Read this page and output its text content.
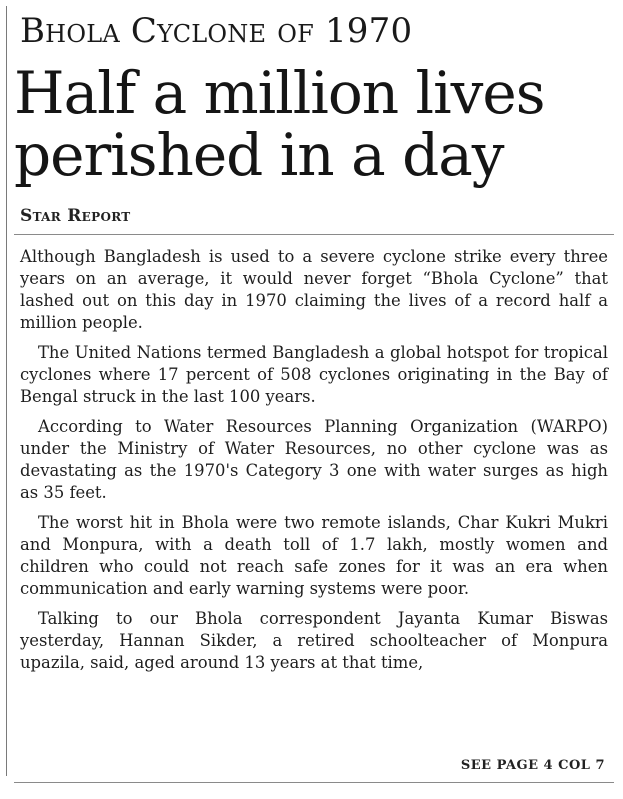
Bhola Cyclone of 1970
Half a million lives
perished in a day
Star Report

Although Bangladesh is used to a severe cyclone strike every three years on an average, it would never forget “Bhola Cyclone” that lashed out on this day in 1970 claiming the lives of a record half a million people.

The United Nations termed Bangladesh a global hotspot for tropical cyclones where 17 percent of 508 cyclones originating in the Bay of Bengal struck in the last 100 years.

According to Water Resources Planning Organization (WARPO) under the Ministry of Water Resources, no other cyclone was as devastating as the 1970's Category 3 one with water surges as high as 35 feet.

The worst hit in Bhola were two remote islands, Char Kukri Mukri and Monpura, with a death toll of 1.7 lakh, mostly women and children who could not reach safe zones for it was an era when communication and early warning systems were poor.

Talking to our Bhola correspondent Jayanta Kumar Biswas yesterday, Hannan Sikder, a retired schoolteacher of Monpura upazila, said, aged around 13 years at that time,

SEE PAGE 4 COL 7
